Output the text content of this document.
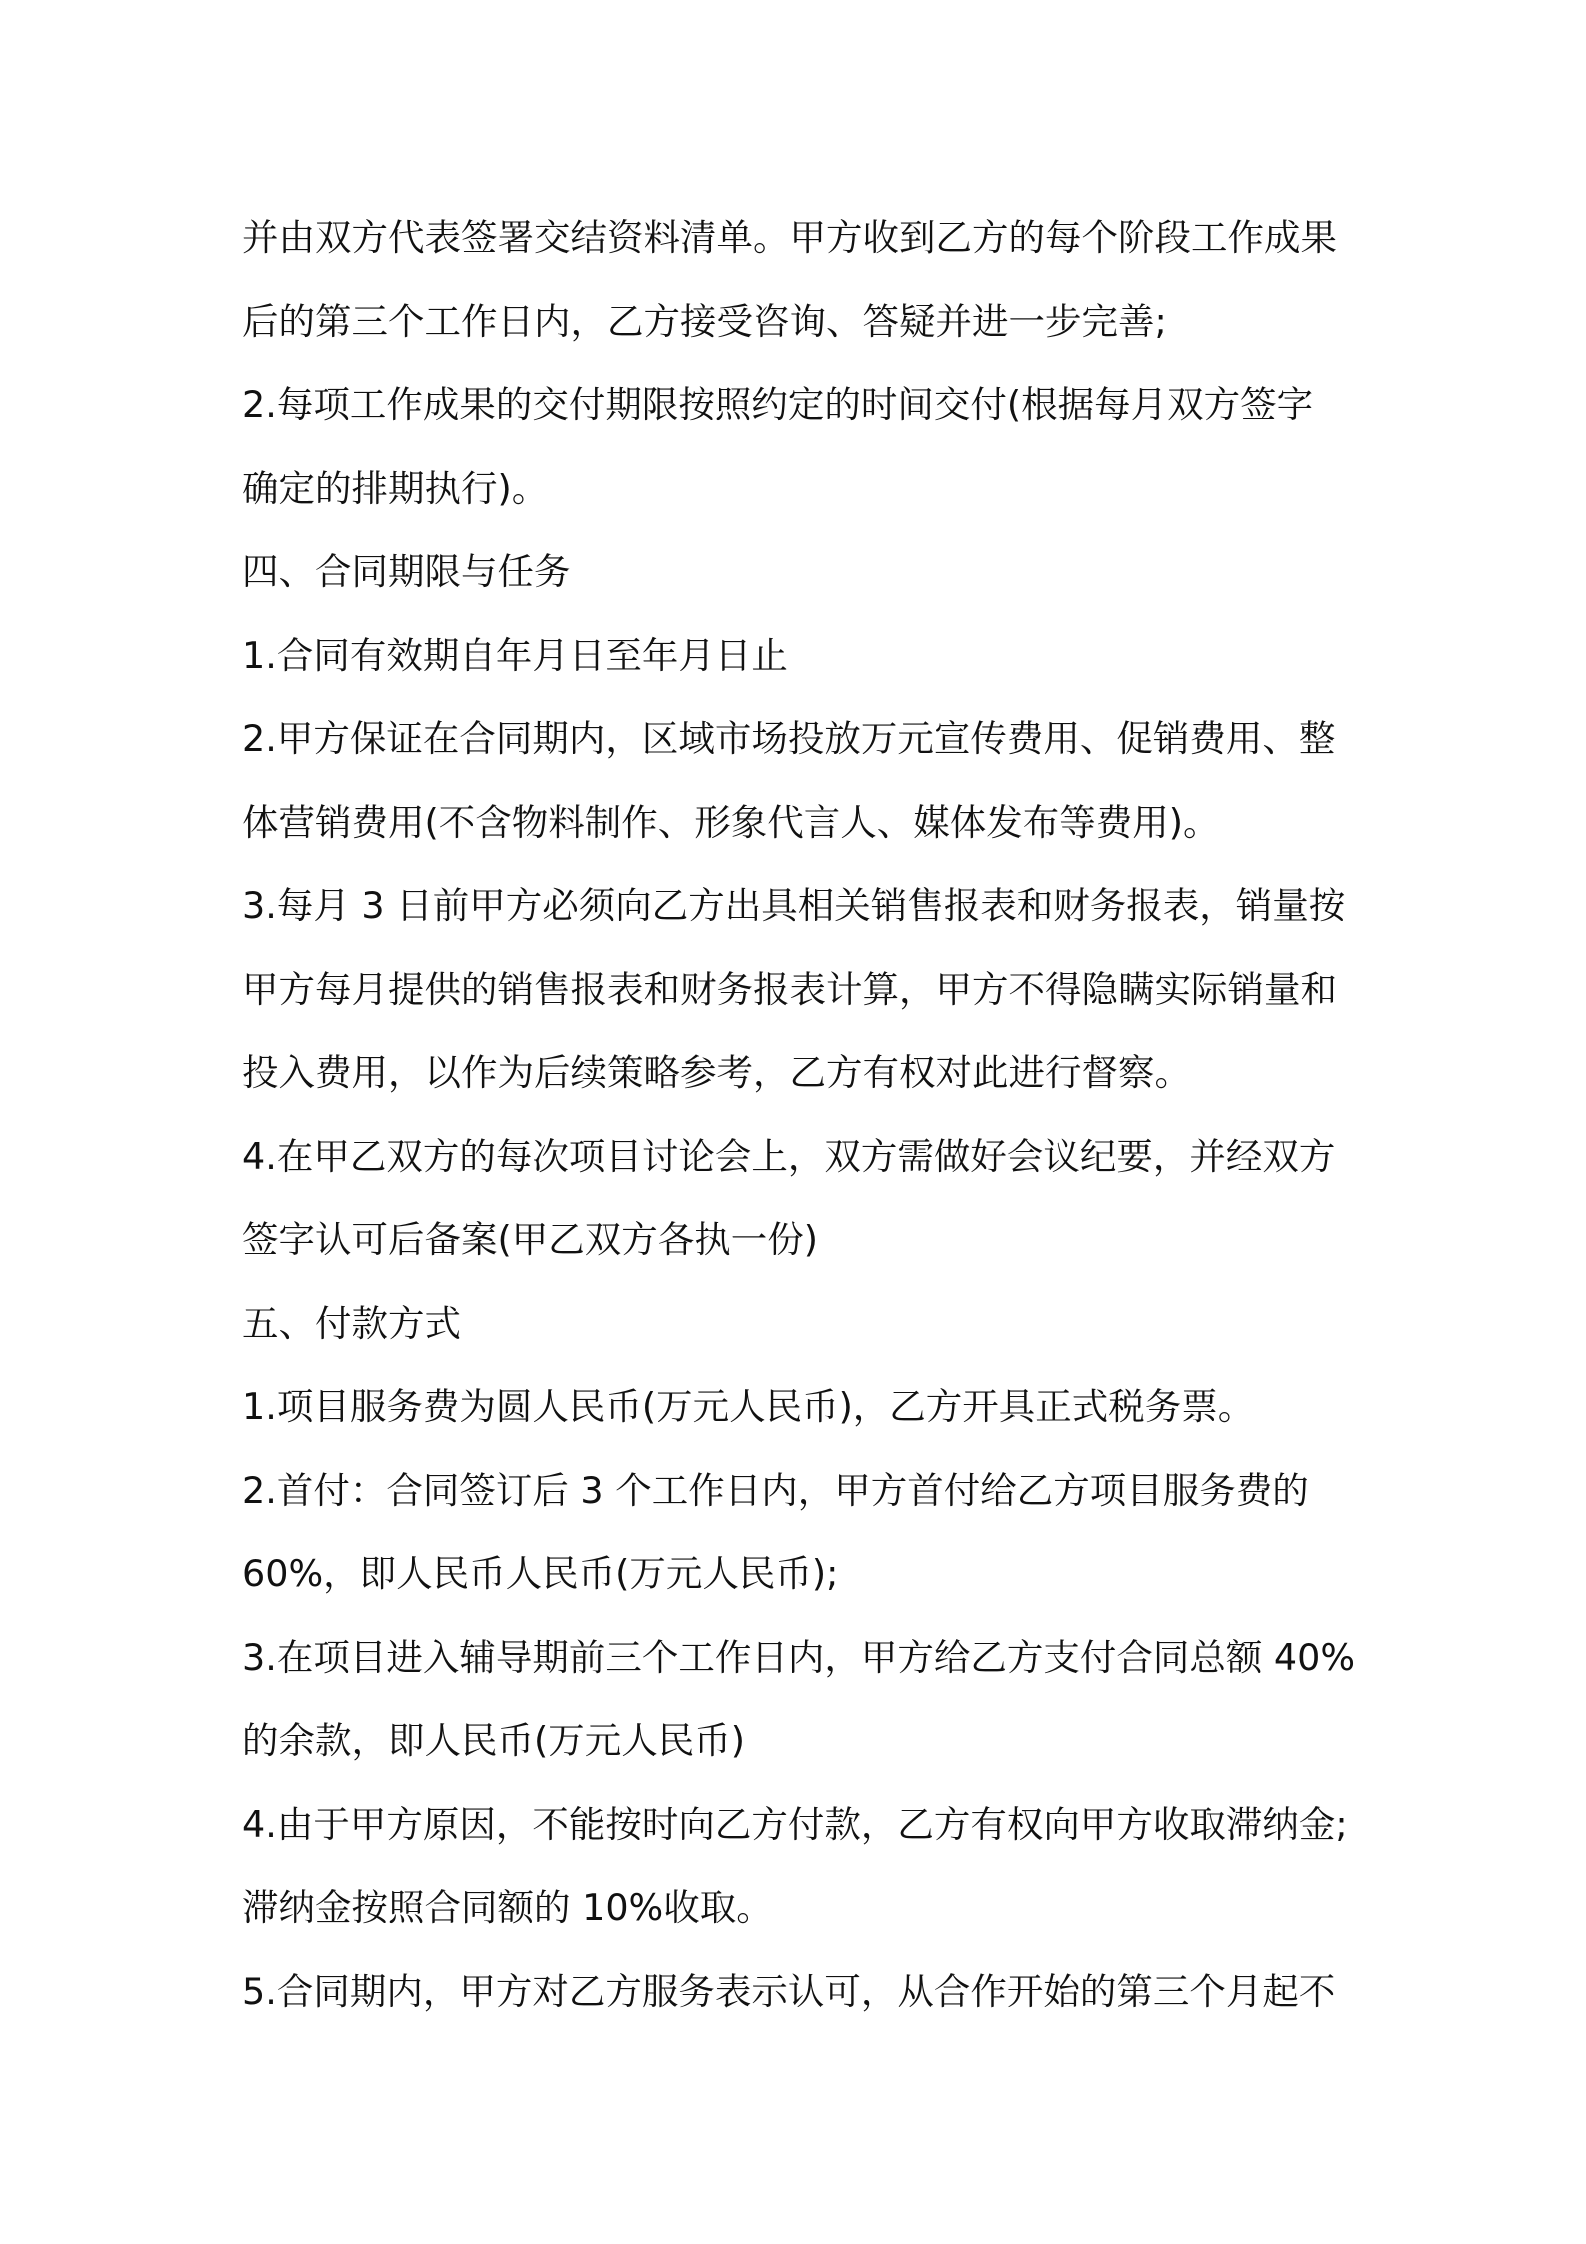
并由双方代表签署交结资料清单。甲方收到乙方的每个阶段工作成果
后的第三个工作日内，乙方接受咨询、答疑并进一步完善;
2.每项工作成果的交付期限按照约定的时间交付(根据每月双方签字
确定的排期执行)。
四、合同期限与任务
1.合同有效期自年月日至年月日止
2.甲方保证在合同期内，区域市场投放万元宣传费用、促销费用、整
体营销费用(不含物料制作、形象代言人、媒体发布等费用)。
3.每月 3 日前甲方必须向乙方出具相关销售报表和财务报表，销量按
甲方每月提供的销售报表和财务报表计算，甲方不得隐瞒实际销量和
投入费用，以作为后续策略参考，乙方有权对此进行督察。
4.在甲乙双方的每次项目讨论会上，双方需做好会议纪要，并经双方
签字认可后备案(甲乙双方各执一份)
五、付款方式
1.项目服务费为圆人民币(万元人民币)，乙方开具正式税务票。
2.首付：合同签订后 3 个工作日内，甲方首付给乙方项目服务费的
60%，即人民币人民币(万元人民币);
3.在项目进入辅导期前三个工作日内，甲方给乙方支付合同总额 40%
的余款，即人民币(万元人民币)
4.由于甲方原因，不能按时向乙方付款，乙方有权向甲方收取滞纳金;
滞纳金按照合同额的 10%收取。
5.合同期内，甲方对乙方服务表示认可，从合作开始的第三个月起不
